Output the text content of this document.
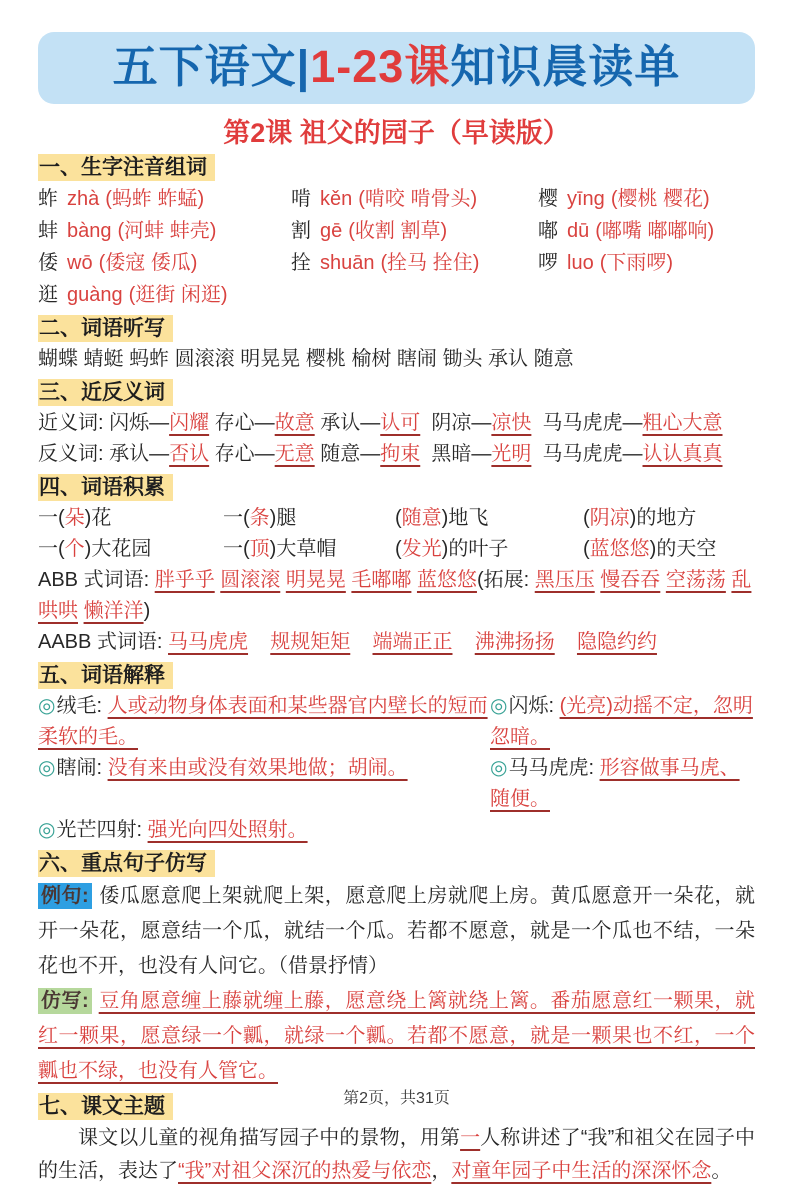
五下语文|1-23课知识晨读单
第2课 祖父的园子（早读版）
一、生字注音组词
蚱 zhà (蚂蚱 蚱蜢)	啃 kěn (啃咬 啃骨头)	樱 yīng (樱桃 樱花)
蚌 bàng (河蚌 蚌壳)	割 gē (收割 割草)	嘟 dū (嘟嘴 嘟嘟响)
倭 wō (倭寇 倭瓜)	拴 shuān (拴马 拴住)	啰 luo (下雨啰)
逛 guàng (逛街 闲逛)
二、词语听写
蝴蝶 蜻蜓 蚂蚱 圆滚滚 明晃晃 樱桃 榆树 瞎闹 锄头 承认 随意
三、近反义词
近义词: 闪烁—闪耀 存心—故意 承认—认可  阴凉—凉快  马马虎虎—粗心大意
反义词: 承认—否认 存心—无意 随意—拘束  黑暗—光明  马马虎虎—认认真真
四、词语积累
一(朵)花	一(条)腿	(随意)地飞	(阴凉)的地方
一(个)大花园	一(顶)大草帽	(发光)的叶子	(蓝悠悠)的天空
ABB 式词语: 胖乎乎 圆滚滚 明晃晃 毛嘟嘟 蓝悠悠(拓展: 黑压压 慢吞吞 空荡荡 乱哄哄 懒洋洋)
AABB 式词语: 马马虎虎 规规矩矩 端端正正 沸沸扬扬 隐隐约约
五、词语解释
◎绒毛: 人或动物身体表面和某些器官内壁长的短而柔软的毛。
◎闪烁: (光亮)动摇不定，忽明忽暗。
◎瞎闹: 没有来由或没有效果地做；胡闹。	◎马马虎虎: 形容做事马虎、随便。
◎光芒四射: 强光向四处照射。
六、重点句子仿写

例句: 倭瓜愿意爬上架就爬上架，愿意爬上房就爬上房。黄瓜愿意开一朵花，就开一朵花，愿意结一个瓜，就结一个瓜。若都不愿意，就是一个瓜也不结，一朵花也不开，也没有人问它。（借景抒情）

仿写: 豆角愿意缠上藤就缠上藤，愿意绕上篱就绕上篱。番茄愿意红一颗果，就红一颗果，愿意绿一个瓤，就绿一个瓤。若都不愿意，就是一颗果也不红，一个瓤也不绿，也没有人管它。

七、课文主题

课文以儿童的视角描写园子中的景物，用第一人称讲述了“我”和祖父在园子中的生活，表达了“我”对祖父深沉的热爱与依恋，对童年园子中生活的深深怀念。

第2页，共31页
